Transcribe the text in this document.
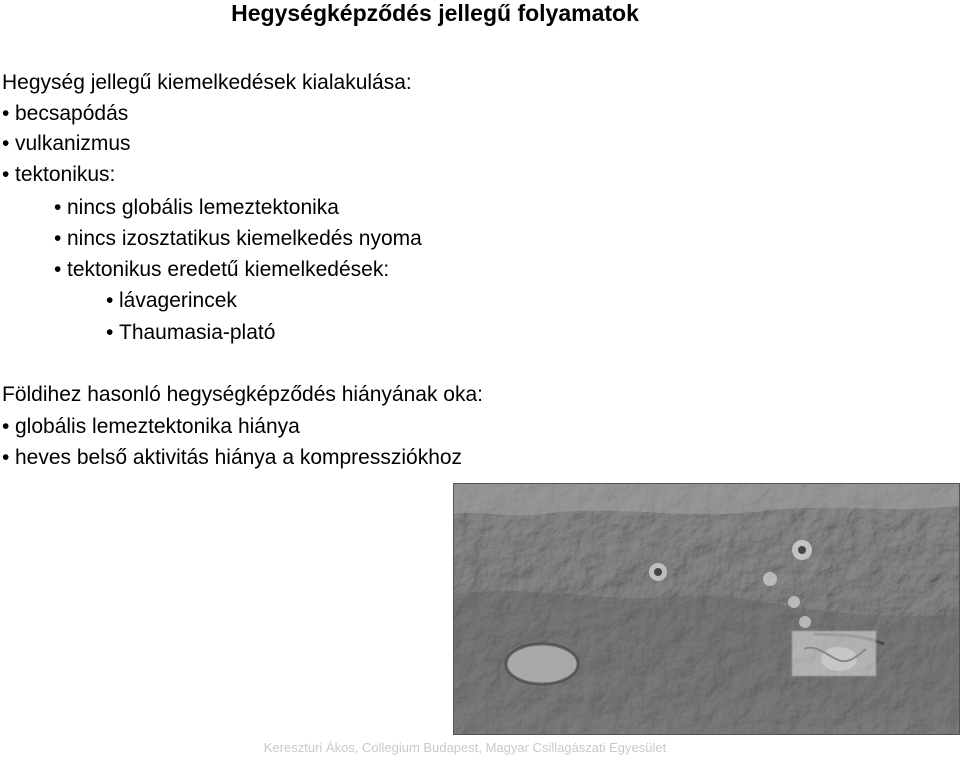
Hegységképződés jellegű folyamatok
Hegység jellegű kiemelkedések kialakulása:
• becsapódás
• vulkanizmus
• tektonikus:
• nincs globális lemeztektonika
• nincs izosztatikus kiemelkedés nyoma
• tektonikus eredetű kiemelkedések:
• lávagerincek
• Thaumasia-plató
Földihez hasonló hegységképződés hiányának oka:
• globális lemeztektonika hiánya
• heves belső aktivitás hiánya a kompressziókhoz
Kereszturi Ákos, Collegium Budapest, Magyar Csillagászati Egyesület
